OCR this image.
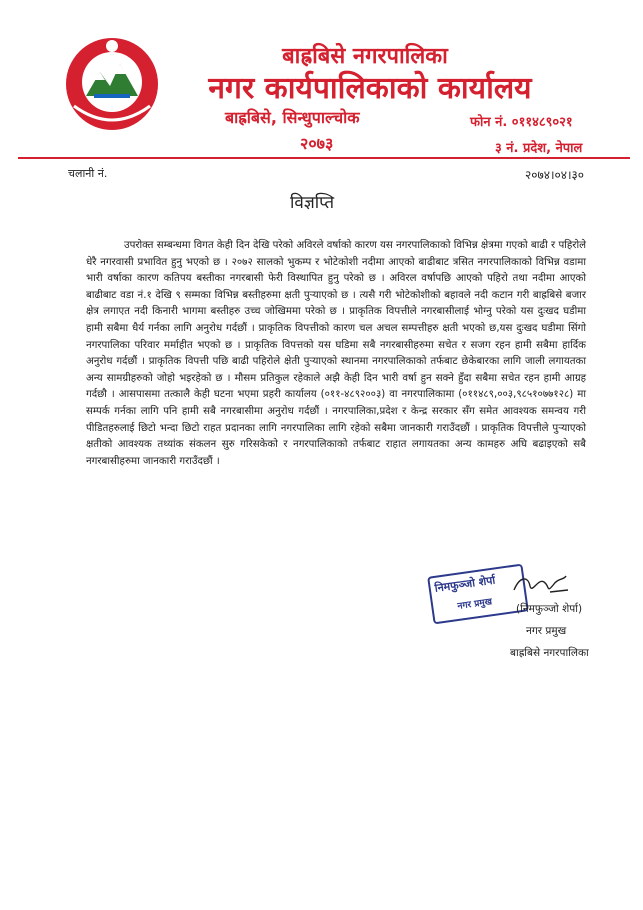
बाह्रबिसे नगरपालिका
नगर कार्यपालिकाको कार्यालय
बाह्रबिसे, सिन्धुपाल्चोक
२०७३
फोन नं. ०११४८९०२१
३ नं. प्रदेश, नेपाल
चलानी नं.	२०७४।०४।३०
विज्ञप्ति

उपरोक्त सम्बन्धमा विगत केही दिन देखि परेको अविरले वर्षाको कारण यस नगरपालिकाको विभिन्न क्षेत्रमा गएको बाढी र पहिरोले धेरै नगरवासी प्रभावित हुनु भएको छ । २०७२ सालको भुकम्प र भोटेकोशी नदीमा आएको बाढीबाट त्रसित नगरपालिकाको विभिन्न वडामा भारी वर्षाका कारण कतिपय बस्तीका नगरबासी फेरी विस्थापित हुनु परेको छ । अविरल वर्षापछि आएको पहिरो तथा नदीमा आएको बाढीबाट वडा नं.१ देखि ९ सम्मका विभिन्न बस्तीहरुमा क्षती पुऱ्याएको छ । त्यसै गरी भोटेकोशीको बहावले नदी कटान गरी बाह्रबिसे बजार क्षेत्र लगाएत नदी किनारी भागमा बस्तीहरु उच्च जोखिममा परेको छ । प्राकृतिक विपत्तीले नगरबासीलाई भोग्नु परेको यस दुःखद घडीमा हामी सबैमा धैर्य गर्नका लागि अनुरोध गर्दछौं । प्राकृतिक विपत्तीको कारण चल अचल सम्पत्तीहरु क्षती भएको छ,यस दुःखद घडीमा सिंगो नगरपालिका परिवार मर्माहीत भएको छ । प्राकृतिक विपत्तको यस घडिमा सबै नगरबासीहरुमा सचेत र सजग रहन हामी सबैमा हार्दिक अनुरोध गर्दछौं । प्राकृतिक विपत्ती पछि बाढी पहिरोले क्षेती पुऱ्याएको स्थानमा नगरपालिकाको तर्फबाट छेकेबारका लागि जाली लगायतका अन्य सामग्रीहरुको जोहो भइरहेको छ । मौसम प्रतिकुल रहेकाले अझै केही दिन भारी वर्षा हुन सक्ने हुँदा सबैमा सचेत रहन हामी आग्रह गर्दछौ । आसपासमा तत्कालै केही घटना भएमा प्रहरी कार्यालय (०११-४८९२००३) वा नगरपालिकामा (०११४८९,००३,९८५१०७७१२८) मा सम्पर्क गर्नका लागि पनि हामी सबै नगरबासीमा अनुरोध गर्दछौं । नगरपालिका,प्रदेश र केन्द्र सरकार सँग समेत आवश्यक समन्वय गरी पीडितहरुलाई छिटो भन्दा छिटो राहत प्रदानका लागि नगरपालिका लागि रहेको सबैमा जानकारी गराउँदछौं । प्राकृतिक विपत्तीले पुऱ्याएको क्षतीको आवश्यक तथ्यांक संकलन सुरु गरिसकेको र नगरपालिकाको तर्फबाट राहात लगायतका अन्य कामहरु अघि बढाइएको सबै नगरबासीहरुमा जानकारी गराउँदछौं ।

निमफुञ्जो शेर्पा
नगर प्रमुख (निमफुञ्जो शेर्पा)
नगर प्रमुख
बाह्रबिसे नगरपालिका
